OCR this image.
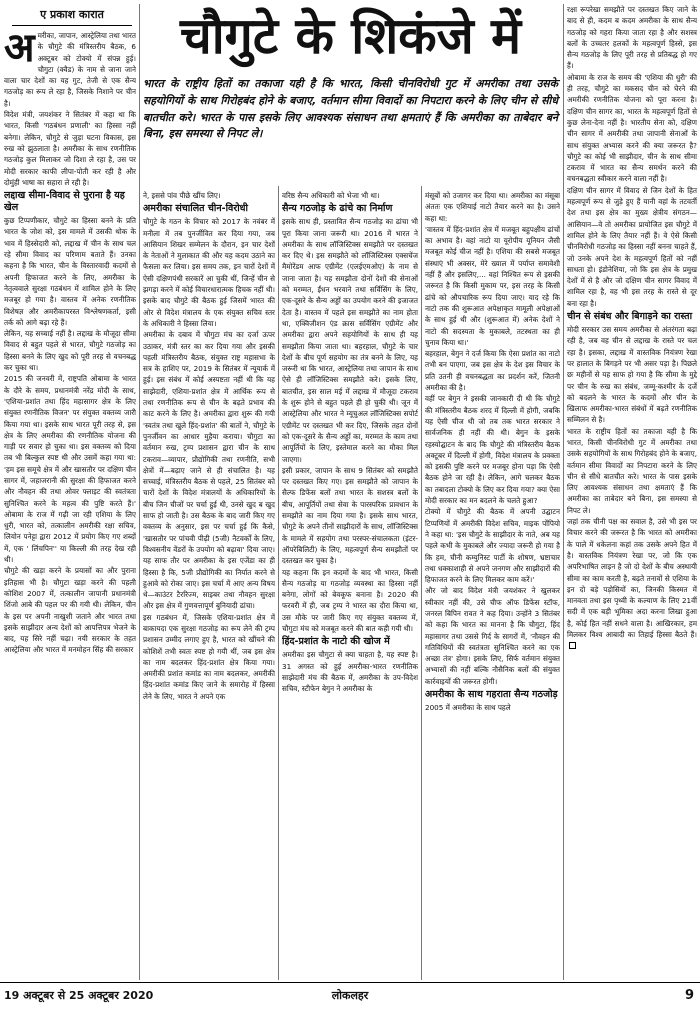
ए प्रकाश कारात	चौगुटे के शिकंजे में
भारत के राष्ट्रीय हितों का तकाजा यही है कि भारत, किसी चीनविरोधी गुट में अमरीका तथा उसके सहयोगियों के साथ गिरोहबंद होने के बजाए, वर्तमान सीमा विवादों का निपटारा करने के लिए चीन से सीधे बातचीत करे। भारत के पास इसके लिए आवश्यक संसाधन तथा क्षमताएं हैं कि अमरीका का ताबेदार बने बिना, इस समस्या से निपट ले।

अमरीका, जापान, आस्ट्रेलिया तथा भारत के चौगुटे की मंत्रिस्तरीय बैठक, 6 अक्टूबर को टोक्यो में संपन्न हुई। चौगुटा (क्वैड) के नाम से जाना जाने वाला चार देशों का यह गुट, तेजी से एक सैन्य गठजोड़ का रूप ले रहा है, जिसके निशाने पर चीन है।

विदेश मंत्री, जयशंकर ने सितंबर में कहा था कि भारत, किसी 'गठबंधन प्रणाली' का हिस्सा नहीं बनेगा। लेकिन, चौगुटे से जुड़ा घटना विकास, इस रुख को झुठलाता है। अमरीका के साथ रणनीतिक गठजोड़ कुल मिलाकर जो दिशा ले रहा है, उस पर मोदी सरकार काफी लीपा-पोती कर रही है और दोमुंही भाषा का सहारा ले रही है।

लद्दाख सीमा-विवाद से पुराना है यह खेल

कुछ टिप्पणीकार, चौगुटे का हिस्सा बनने के प्रति भारत के जोश को, इस मामले में उसकी थोक के भाव में हिस्सेदारी को, लद्दाख में चीन के साथ चल रहे सीमा विवाद का परिणाम बताते हैं। उनका कहना है कि भारत, चीन के विस्तारवादी कदमों से अपनी हिफाजत करने के लिए, अमरीका के नेतृत्ववाले सुरक्षा गठबंधन में शामिल होने के लिए मजबूर हो गया है। वास्तव में अनेक रणनीतिक विशेषज्ञ और अमरीकापरस्त विश्लेषणकर्ता, इसी तर्क को आगे बढ़ा रहे हैं।

लेकिन, यह सच्चाई नहीं है। लद्दाख के मौजूदा सीमा विवाद से बहुत पहले से भारत, चौगुटे गठजोड़ का हिस्सा बनने के लिए खुद को पूरी तरह से वचनबद्ध कर चुका था।

2015 की जनवरी में, राष्ट्रपति ओबामा के भारत के दौरे के समय, प्रधानमंत्री नरेंद्र मोदी के साथ, 'एशिया-प्रशांत तथा हिंद महासागर क्षेत्र के लिए संयुक्त रणनीतिक विजन' पर संयुक्त वक्तव्य जारी किया गया था। इसके साथ भारत पूरी तरह से, इस क्षेत्र के लिए अमरीका की रणनीतिक योजना की गाड़ी पर सवार हो चुका था। इस वक्तव्य को दिया तब भी बिल्कुल स्पष्ट थी और उसमें कहा गया था: 'हम इस समूचे क्षेत्र में और खासतौर पर दक्षिण चीन सागर में, जहाजरानी की सुरक्षा की हिफाजत करने और नौवहन की तथा ओवर फ्लाइट की स्वतंत्रता सुनिश्चित करने के महत्व की पुष्टि करते हैं।' ओबामा के राज में गढ़ी जा रही एशिया के लिए धुरी, भारत को, तत्कालीन अमरीकी रक्षा सचिव, लियोन पनेट्टा द्वारा 2012 में प्रयोग किए गए शब्दों में, एक ' लिंचपिन'' या किल्ली की तरह देख रही थी।

चौगुटे की खड़ा करने के प्रयासों का और पुराना इतिहास भी है। चौगुटा खड़ा करने की पहली कोशिश 2007 में, तत्कालीन जापानी प्रधानमंत्री शिंजो आबे की पहल पर की गयी थी। लेकिन, चीन के इस पर अपनी नाखुशी जताने और भारत तथा इसके साझीदार अन्य देशों को आपत्तिपत्र भेजने के बाद, यह सिरे नहीं चढ़ा। नयी सरकार के तहत आस्ट्रेलिया और भारत में मनमोहन सिंह की सरकार

ने, इससे पांव पीछे खींच लिए।

अमरीका संचालित चीन-विरोधी

चौगुटे के गठन के विचार को 2017 के नवंबर में मनीला में तब पुनर्जीवित कर दिया गया, जब आसियान शिखर सम्मेलन के दौरान, इन चार देशों के नेताओं ने मुलाकात की और यह कदम उठाने का फैसला कर लिया। इस समय तक, इन चारों देशों में ऐसी दक्षिणपंथी सरकारें आ चुकी थीं, जिन्हें चीन से झगड़ा करने में कोई विचारधारात्मक हिचक नहीं थी। इसके बाद चौगुटे की बैठक हुई जिसमें भारत की ओर से विदेश मंत्रालय के एक संयुक्त सचिव स्तर के अधिकारी ने हिस्सा लिया।

अमरीका के दबाव में चौगुटा मंच का दर्जा ऊपर उठाकर, मंत्री स्तर का कर दिया गया और इसकी पहली मंत्रिस्तरीय बैठक, संयुक्त राष्ट्र महासभा के सत्र के हाशिए पर, 2019 के सितंबर में न्यूयार्क में हुई। इस संबंध में कोई अस्पष्टता नहीं थी कि यह साझेदारी, एशिया-प्रशांत क्षेत्र में आर्थिक रूप से तथा रणनीतिक रूप से चीन के बढ़ते प्रभाव की काट करने के लिए है। अमरीका द्वारा शुरू की गयी 'स्वतंत्र तथा खुले हिंद-प्रशांत' की बातों ने, चौगुटे के पुनर्जीवन का आधार मुहैया कराया। चौगुटा का वर्तमान रुख, ट्रम्प प्रशासन द्वारा चीन के साथ टकराव—व्यापार, प्रौद्योगिकी तथा रणनीति, सभी क्षेत्रों में—बढ़ाए जाने से ही संचालित है। यह सच्चाई, मंत्रिस्तरीय बैठक से पहले, 25 सितंबर को चारों देशों के विदेश मंत्रालयों के अधिकारियों के बीच जिन चीजों पर चर्चा हुई थी, उनसे खुद ब खुद साफ हो जाती है। उस बैठक के बाद जारी किए गए वक्तव्य के अनुसार, इस पर चर्चा हुई कि कैसे, 'खासतौर पर पांचवी पीढ़ी (5जी) नैटवर्कों के लिए, विश्वसनीय वेंडरों के उपयोग को बढ़ावा' दिया जाए। यह साफ तौर पर अमरीका के इस एजेंडा का ही हिस्सा है कि, 5जी प्रौद्योगिकी का निर्यात करने से हुआवे को रोका जाए। इस चर्चा में आए अन्य विषय थे—काउंटर टैररिज्म, साइबर तथा नौवहन सुरक्षा और इस क्षेत्र में गुणवत्तापूर्ण बुनियादी ढांचा।

इस गठबंधन में, जिसके एशिया-प्रशांत क्षेत्र में बाकायदा एक सुरक्षा गठजोड़ का रूप लेने की ट्रम्प प्रशासन उम्मीद लगाए हुए है, भारत को खींचने की कोशिशें तभी स्वतः स्पष्ट हो गयी थीं, जब इस क्षेत्र का नाम बदलकर हिंद-प्रशांत क्षेत्र किया गया। अमरीकी प्रशांत कमांड का नाम बदलकर, अमरीकी हिंद-प्रशांत कमांड किए जाने के समारोह में हिस्सा लेने के लिए, भारत ने अपने एक

वरिष्ठ सैन्य अधिकारी को भेजा भी था।

सैन्य गठजोड़ के ढांचे का निर्माण

इसके साथ ही, प्रस्तावित सैन्य गठजोड़ का ढांचा भी पूरा किया जाना जरूरी था। 2016 में भारत ने अमरीका के साथ लॉजिस्टिक्स समझौते पर दस्तखत कर दिए थे। इस समझौते को लॉजिस्टिक्स एक्सचेंज मैमोरेंडम आफ एग्रीमेंट (एलईएमओए) के नाम से जाना जाता है। यह समझौता दोनों देशों की सेनाओं को मरम्मत, ईंधन भरवाने तथा सर्विसिंग के लिए, एक-दूसरे के सैन्य अड्डों का उपयोग करने की इजाजत देता है। वास्तव में पहले इस समझौते का नाम होता था, एक्विजीशन एंड क्रास सर्विसिंग एग्रीमेंट और अमरीका द्वारा अपने सहयोगियों के साथ ही यह समझौता किया जाता था। बहरहाल, चौगुटे के चार देशों के बीच पूर्ण सहयोग का तंत्र बनने के लिए, यह जरूरी था कि भारत, आस्ट्रेलिया तथा जापान के साथ ऐसे ही लॉजिस्टिक्स समझौते करे। इसके लिए, बातचीत, इस साल मई में लद्दाख में मौजूदा टकराव के शुरू होने से बहुत पहले ही हो चुकी थी। जून में आस्ट्रेलिया और भारत ने म्यूचुअल लॉजिस्टिक्स सपोर्ट एग्रीमेंट पर दस्तखत भी कर दिए, जिसके तहत दोनों को एक-दूसरे के सैन्य अड्डों का, मरम्मत के काम तथा आपूर्तियों के लिए, इस्तेमाल करने का मौका मिल जाएगा।

इसी प्रकार, जापान के साथ 9 सितंबर को समझौते पर दस्तखत किए गए। इस समझौते को जापान के सैल्फ डिफेंस बलों तथा भारत के सशस्त्र बलों के बीच, आपूर्तियों तथा सेवा के पारस्परिक प्रावधान के समझौते का नाम दिया गया है। इसके साथ भारत, चौगुटे के अपने तीनों साझीदारों के साथ, लॉजिस्टिक्स के मामले में सहयोग तथा परस्पर-संचालकता (इंटर-ऑपरेबिलिटी) के लिए, महत्वपूर्ण सैन्य समझौतों पर दस्तखत कर चुका है।

यह कहना कि इन कदमों के बाद भी भारत, किसी सैन्य गठजोड़ या गठजोड़ व्यवस्था का हिस्सा नहीं बनेगा, लोगों को बेवकूफ बनाना है। 2020 की फरवरी में ही, जब ट्रम्प ने भारत का दौरा किया था, उस मौके पर जारी किए गए संयुक्त वक्तव्य में, चौगुटा मंच को मजबूत करने की बात कही गयी थी।

हिंद-प्रशांत के नाटो की खोज में

अमरीका इस चौगुटा से क्या चाहता है, यह स्पष्ट है। 31 अगस्त को हुई अमरीका-भारत रणनीतिक साझेदारी मंच की बैठक में, अमरीका के उप-विदेश सचिव, स्टीफेन बेगुन ने अमरीका के

मंसूबों को उजागर कर दिया था। अमरीका का मंसूबा अंततः एक एशियाई नाटो तैयार करने का है। उसने कहा था:

'वास्तव में हिंद-प्रशांत क्षेत्र में मजबूत बहुपक्षीय ढांचों का अभाव है। वहां नाटो या यूरोपीय यूनियन जैसी मजबूत कोई चीज नहीं है। एशिया की सबसे मजबूत संस्थाएं भी अक्सर, मेरे ख्याल में पर्याप्त समावेशी नहीं हैं और इसलिए,... वहां निश्चित रूप से इसकी जरूरत है कि किसी मुकाम पर, इस तरह के किसी ढांचे को औपचारिक रूप दिया जाए। याद रहे कि नाटो तक की शुरूआत अपेक्षाकृत मामूली अपेक्षाओं के साथ हुई थी और (शुरूआत में) अनेक देशों ने नाटो की सदस्यता के मुकाबले, तटस्थता का ही चुनाव किया था।'

बहरहाल, बेगुन ने दर्ज किया कि ऐसा प्रशांत का नाटो तभी बन पाएगा, जब इस क्षेत्र के देश इस विचार के प्रति उतनी ही वचनबद्धता का प्रदर्शन करें, जितनी अमरीका की है।

वहीं पर बेगुन ने इसकी जानकारी दी थी कि चौगुटे की मंत्रिस्तरीय बैठक शरद में दिल्ली में होगी, जबकि यह ऐसी चीज थी जो तब तक भारत सरकार ने सार्वजनिक ही नहीं की थी। बेगुन के इसके रहस्योद्घाटन के बाद कि चौगुटे की मंत्रिस्तरीय बैठक अक्टूबर में दिल्ली में होगी, विदेश मंत्रालय के प्रवक्ता को इसकी पुष्टि करने पर मजबूर होना पड़ा कि ऐसी बैठक होने जा रही है। लेकिन, आगे चलकर बैठक का तबादला टोक्यो के लिए कर दिया गया? क्या ऐसा मोदी सरकार का मन बदलने के चलते हुआ?

टोक्यो में चौगुटे की बैठक में अपनी उद्घाटन टिप्पणियों में अमरीकी विदेश सचिव, माइक पोंपियो ने कहा था: 'इस चौगुटे के साझीदार के नाते, अब यह पहले कभी के मुकाबले और ज्यादा जरूरी हो गया है कि हम, चीनी कम्युनिस्ट पार्टी के शोषण, भ्रष्टाचार तथा धक्काशाही से अपने जनगण और साझीदारों की हिफाजत करने के लिए मिलकर काम करें।'

और जो बाद विदेश मंत्री जयशंकर ने खुलकर स्वीकार नहीं की, उसे चीफ ऑफ डिफेंस स्टॉफ, जनरल बिपिन रावत ने कह दिया। उन्होंने 3 सितंबर को कहा कि भारत का मानना है कि चौगुटा, हिंद महासागर तथा उससे गिर्द के सागरों में, 'नौवहन की गतिविधियों की स्वतंत्रता सुनिश्चित करने का एक अच्छा तंत्र' होगा। इसके लिए, सिर्फ वर्तमान संयुक्त अभ्यासों की नहीं बल्कि नौसैनिक बलों की संयुक्त कार्रवाइयों की जरूरत होगी।

अमरीका के साथ गहराता सैन्य गठजोड़

2005 में अमरीका के साथ पहले

रक्षा रूपरेखा समझौते पर दस्तखत किए जाने के बाद से ही, कदम ब कदम अमरीका के साथ सैन्य गठजोड़ को गहरा किया जाता रहा है और सशस्त्र बलों के उच्चतर हलकों के महत्वपूर्ण हिस्से, इस सैन्य गठजोड़ के लिए पूरी तरह से प्रतिबद्ध हो गए हैं।

ओबामा के राज के समय की 'एशिया की धुरी' की ही तरह, चौगुटे का मकसद चीन को घेरने की अमरीकी रणनीतिक योजना को पूरा करना है। दक्षिण चीन सागर का, भारत के महत्वपूर्ण हितों से कुछ लेना-देना नहीं है। भारतीय सेना को, दक्षिण चीन सागर में अमरीकी तथा जापानी सेनाओं के साथ संयुक्त अभ्यास करने की क्या जरूरत है? चौगुटे का कोई भी साझीदार, चीन के साथ सीमा टकराव में भारत का सैन्य समर्थन करने की वचनबद्धता स्वीकार करने वाला नहीं है।

दक्षिण चीन सागर में विवाद से जिन देशों के हित महत्वपूर्ण रूप से जुड़े हुए हैं यानी वहां के तटवर्ती देश तथा इस क्षेत्र का मुख्य क्षेत्रीय संगठन—आसियान—वे तो अमरीका प्रायोजित इस चौगुटे में शामिल होने के लिए तैयार नहीं हैं। वे ऐसे किसी चीनविरोधी गठजोड़ का हिस्सा नहीं बनना चाहते हैं, जो उनके अपने देश के महत्वपूर्ण हितों को नहीं साधता हो। इंडोनेशिया, जो कि इस क्षेत्र के प्रमुख देशों में से है और जो दक्षिण चीन सागर विवाद में शामिल रहा है, वह भी इस तरह के रास्ते से दूर बना रहा है।

चीन से संबंध और बिगाड़ने का रास्ता

मोदी सरकार उस समय अमरीका से अंतरंगता बढ़ा रही है, जब वह चीन से लद्दाख के रास्ते पर चल रहा है। इसका, लद्दाख में वास्तविक नियंत्रण रेखा पर हालात के बिगड़ने पर भी असर पड़ा है। पिछले छः महीनों से यह साफ हो गया है कि सीमा के मुद्दे पर चीन के रुख का संबंध, जम्मू-कश्मीर के दर्जे को बदलने के भारत के कदमों और चीन के खिलाफ अमरीका-भारत संबंधों में बढ़ते रणनीतिक सम्मिलन से है।

भारत के राष्ट्रीय हितों का तकाजा यही है कि भारत, किसी चीनविरोधी गुट में अमरीका तथा उसके सहयोगियों के साथ गिरोहबंद होने के बजाए, वर्तमान सीमा विवादों का निपटारा करने के लिए चीन से सीधे बातचीत करे। भारत के पास इसके लिए आवश्यक संसाधन तथा क्षमताएं हैं कि अमरीका का ताबेदार बने बिना, इस समस्या से निपट ले।

जहां तक चीनी पक्ष का सवाल है, उसे भी इस पर विचार करने की जरूरत है कि भारत को अमरीका के पाले में धकेलना कहां तक उसके अपने हित में है। वास्तविक नियंत्रण रेखा पर, जो कि एक अपरिभाषित लाइन है जो दो देशों के बीच अस्थायी सीमा का काम करती है, बढ़ते तनावों से एशिया के इन दो बड़े पड़ोसियों का, जिनकी किस्मत में मानवता तथा इस पृथ्वी के कल्याण के लिए 21वीं सदी में एक बड़ी भूमिका अदा करना लिखा हुआ है, कोई हित नहीं सधने वाला है। आखिरकार, हम मिलकर विश्व आबादी का तिहाई हिस्सा बैठते हैं।

19 अक्टूबर से 25 अक्टूबर 2020	लोकलहर	9
